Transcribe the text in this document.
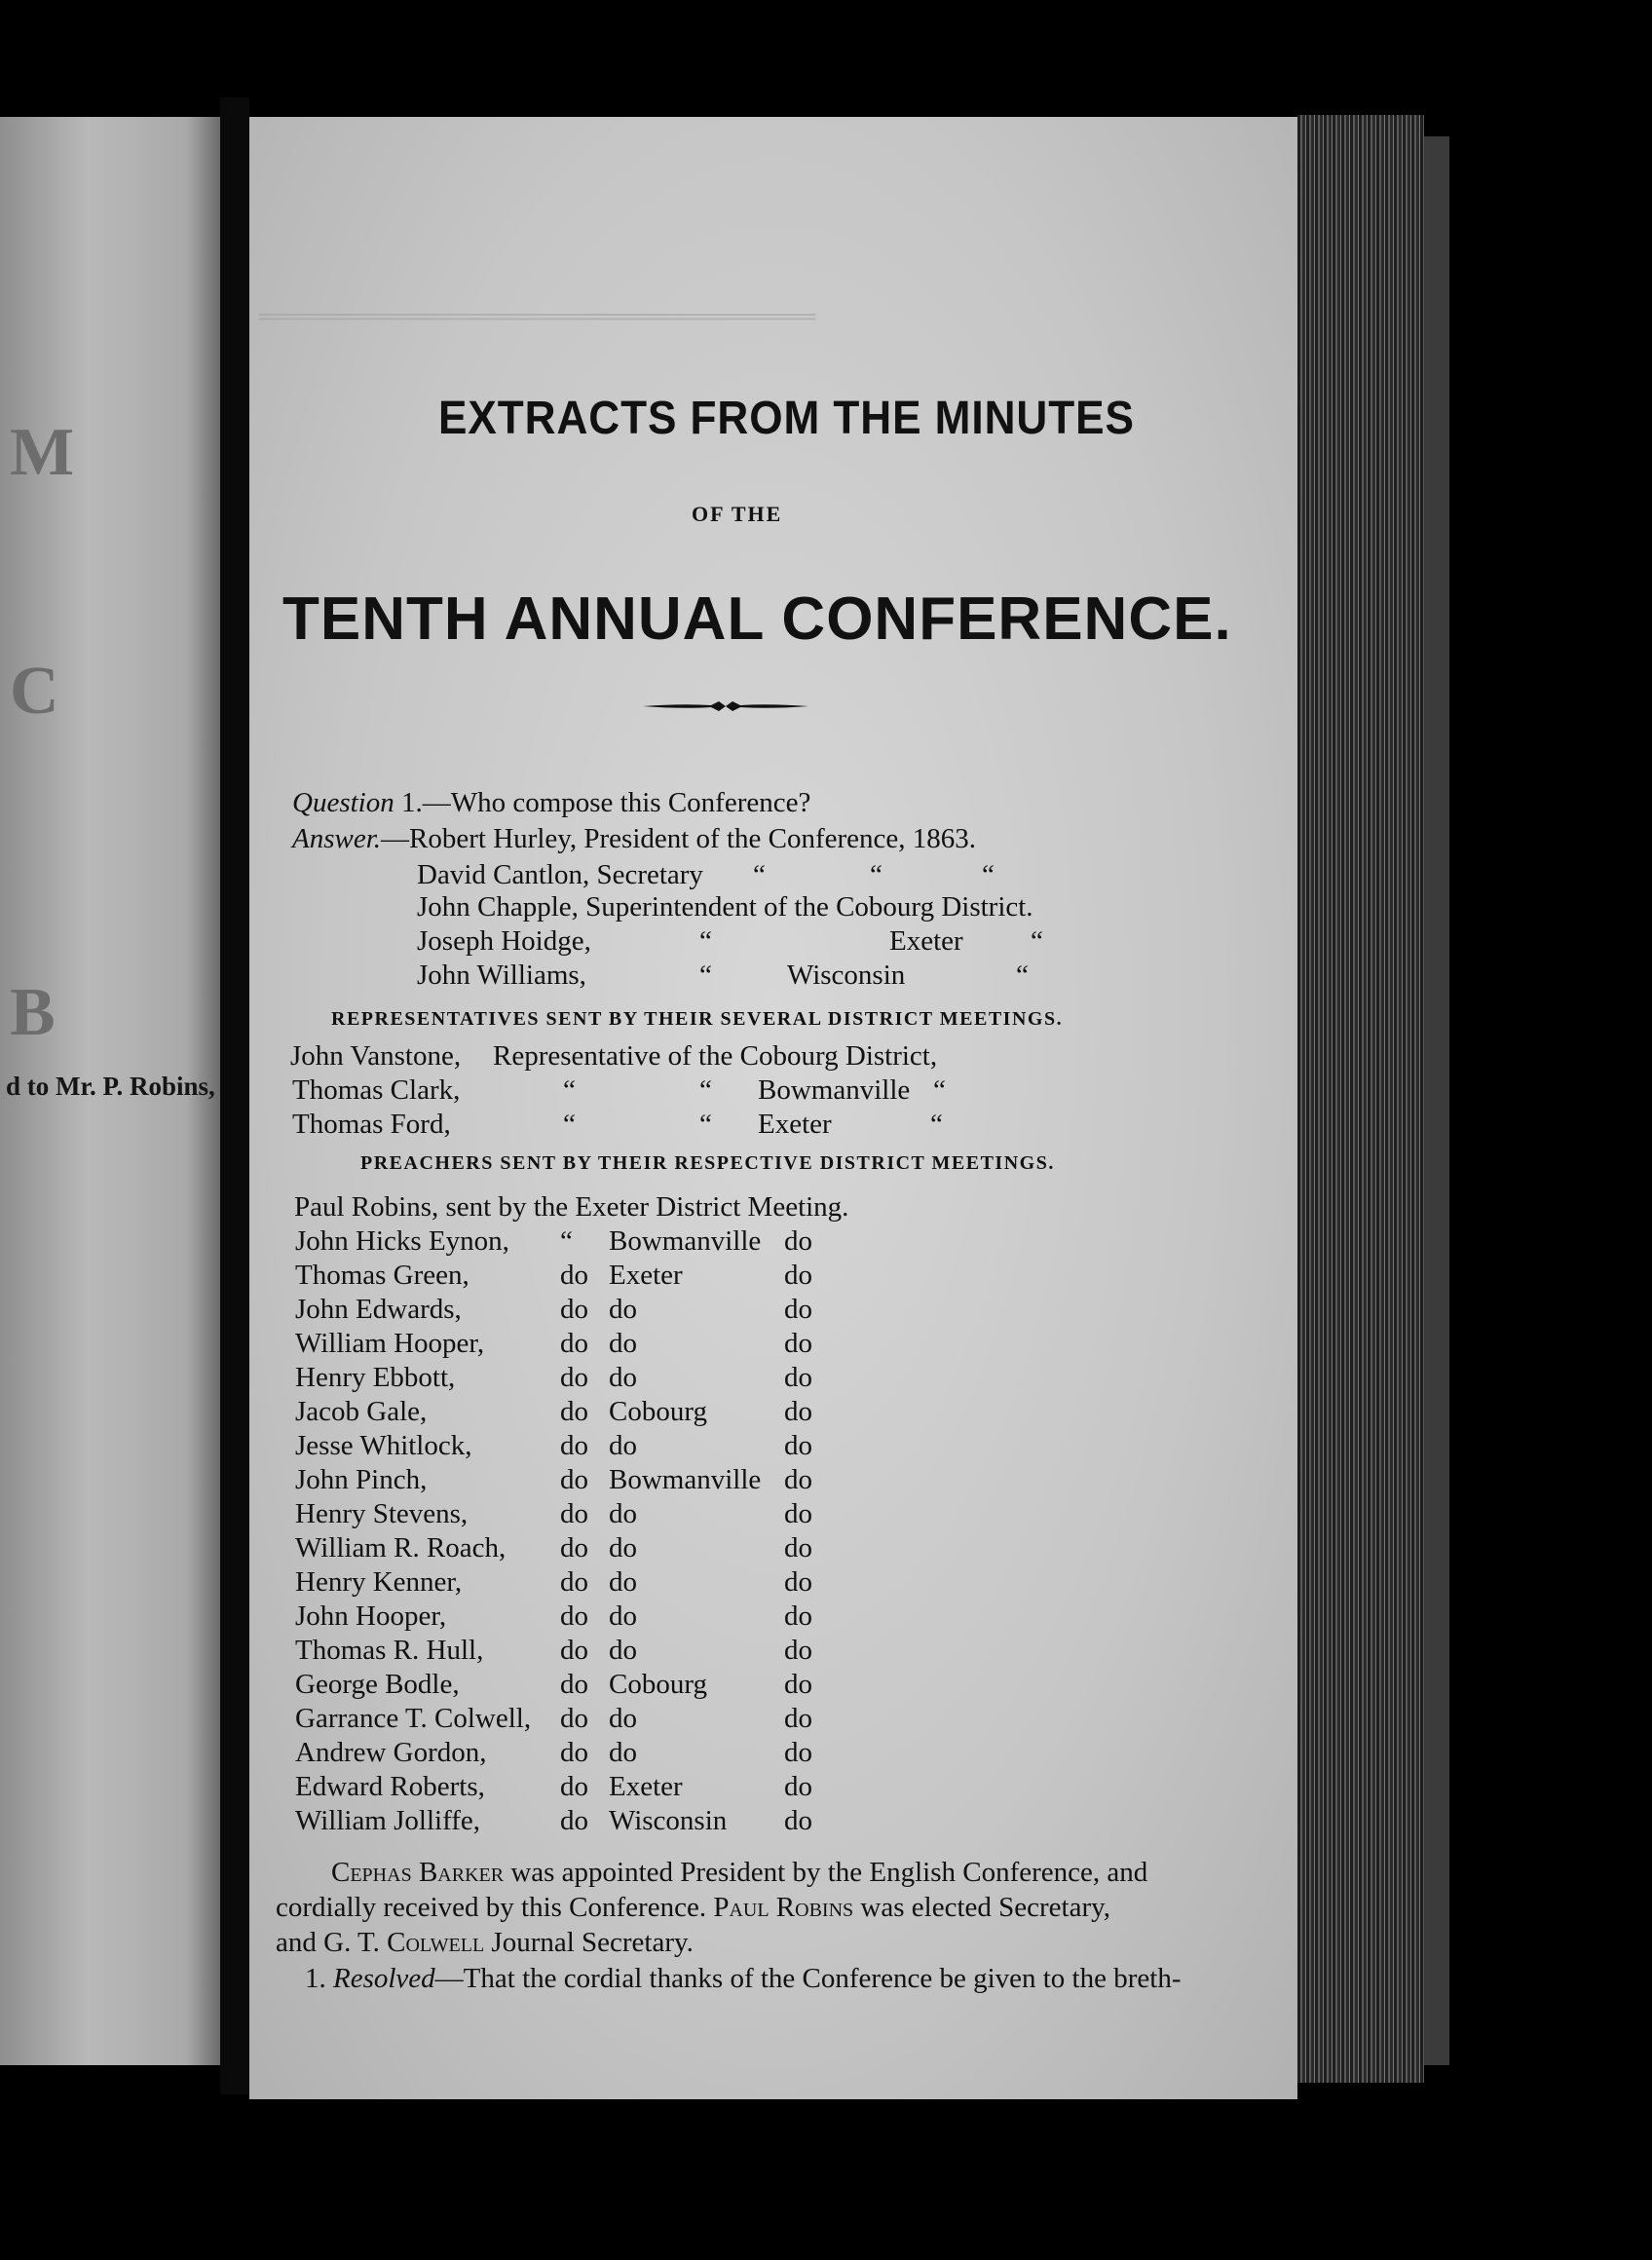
M
C
B
d to Mr. P. Robins,
═══════════════════════════════
EXTRACTS FROM THE MINUTES
OF THE
TENTH ANNUAL CONFERENCE.
Question 1.—Who compose this Conference?
Answer.—Robert Hurley, President of the Conference, 1863.
David Cantlon, Secretary “	“	“
John Chapple, Superintendent of the Cobourg District.
Joseph Hoidge,	“	Exeter “
John Williams,	“	Wisconsin	“
REPRESENTATIVES SENT BY THEIR SEVERAL DISTRICT MEETINGS.
John Vanstone, Representative of the Cobourg District,
Thomas Clark,	“	“ Bowmanville “
Thomas Ford,	“	“ Exeter	“
PREACHERS SENT BY THEIR RESPECTIVE DISTRICT MEETINGS.
Paul Robins, sent by the Exeter District Meeting.
John Hicks Eynon, “ Bowmanville do
Thomas Green,	do Exeter	do
John Edwards,	do do	do
William Hooper,	do do	do
Henry Ebbott,	do do	do
Jacob Gale,	do Cobourg	do
Jesse Whitlock,	do do	do
John Pinch,	do Bowmanville do
Henry Stevens,	do do	do
William R. Roach, do do	do
Henry Kenner,	do do	do
John Hooper,	do do	do
Thomas R. Hull,	do do	do
George Bodle,	do Cobourg	do
Garrance T. Colwell, do do	do
Andrew Gordon,	do do	do
Edward Roberts,	do Exeter	do
William Jolliffe,	do Wisconsin do
Cephas Barker was appointed President by the English Conference, and
cordially received by this Conference. Paul Robins was elected Secretary,
and G. T. Colwell Journal Secretary.
1. Resolved—That the cordial thanks of the Conference be given to the breth-
